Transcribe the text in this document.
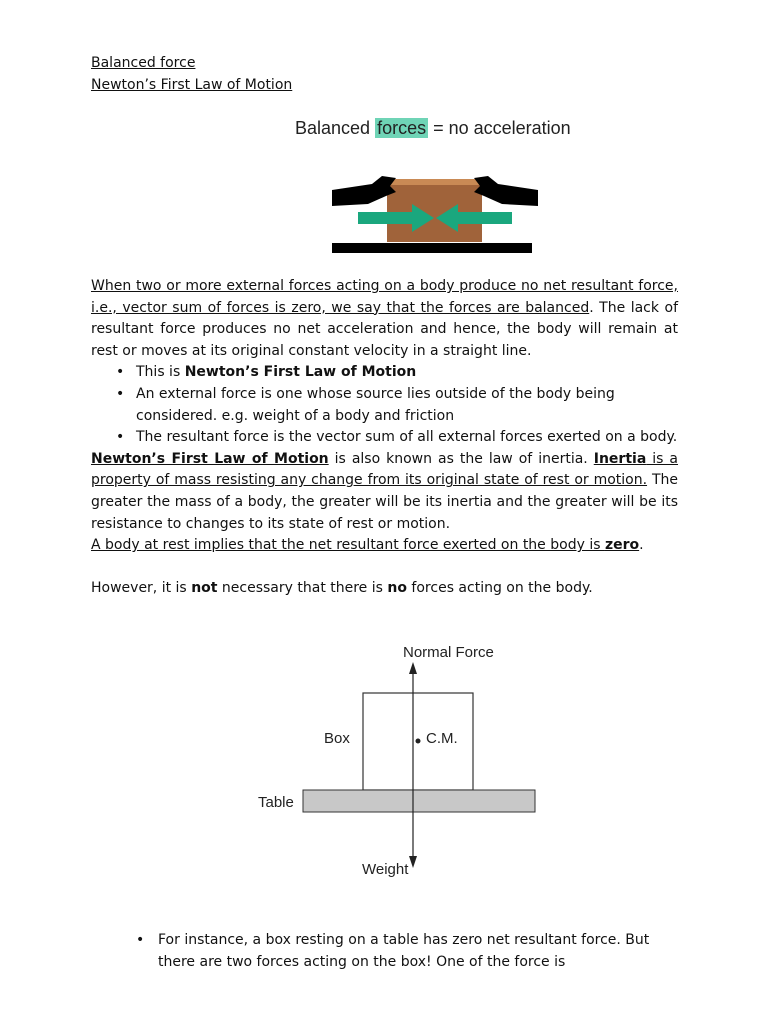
Balanced force
Newton’s First Law of Motion
Balanced forces = no acceleration

When two or more external forces acting on a body produce no net resultant force, i.e., vector sum of forces is zero, we say that the forces are balanced. The lack of resultant force produces no net acceleration and hence, the body will remain at rest or moves at its original constant velocity in a straight line.

• This is Newton’s First Law of Motion
• An external force is one whose source lies outside of the body being considered. e.g. weight of a body and friction
• The resultant force is the vector sum of all external forces exerted on a body.

Newton’s First Law of Motion is also known as the law of inertia. Inertia is a property of mass resisting any change from its original state of rest or motion. The greater the mass of a body, the greater will be its inertia and the greater will be its resistance to changes to its state of rest or motion.

A body at rest implies that the net resultant force exerted on the body is zero.

However, it is not necessary that there is no forces acting on the body.

Normal Force
Box	C.M.
Table
Weight
• For instance, a box resting on a table has zero net resultant force. But there are two forces acting on the box! One of the force is
